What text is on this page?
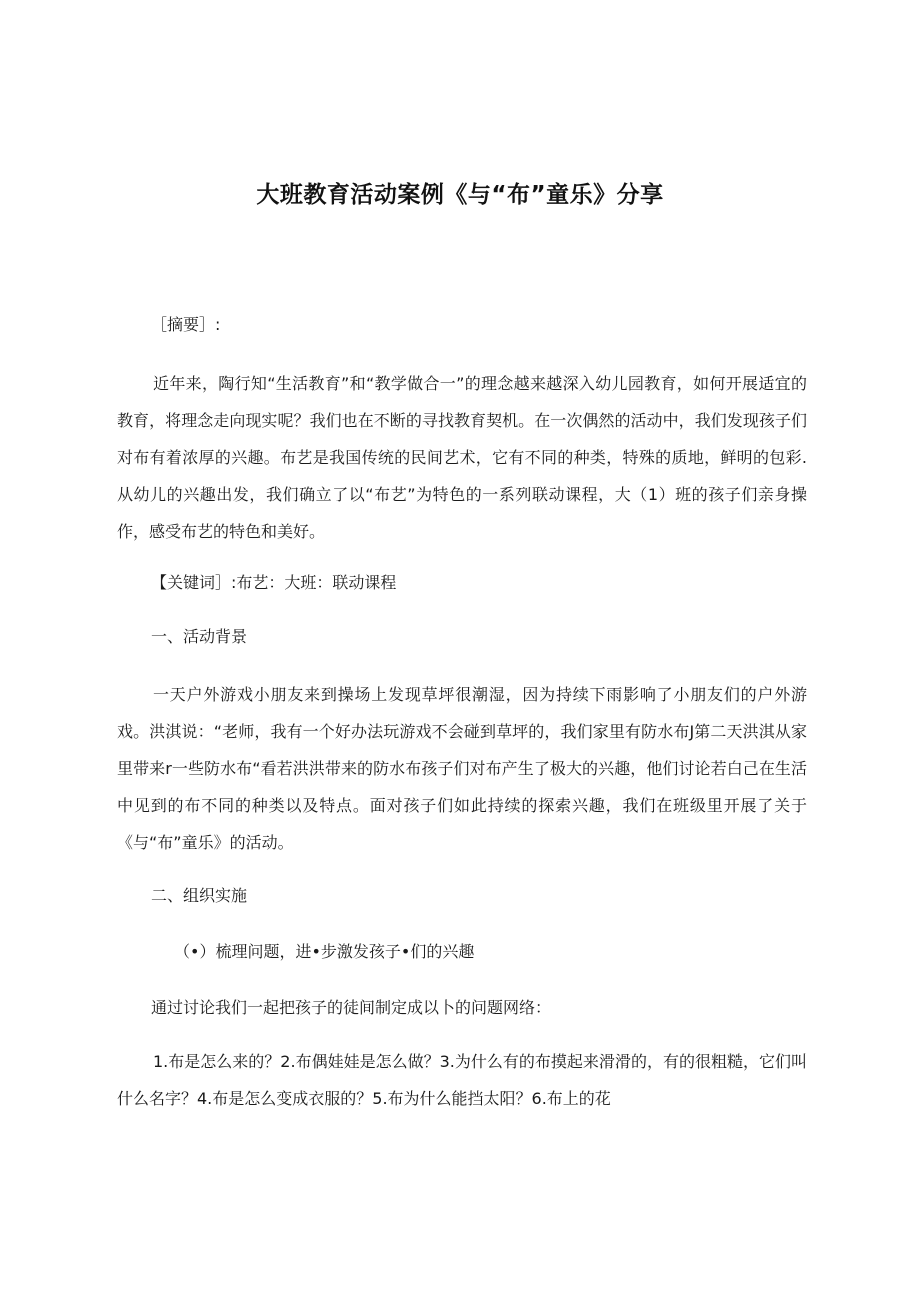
大班教育活动案例《与“布”童乐》分享

［摘要］:

近年来，陶行知“生活教育”和“教学做合一”的理念越来越深入幼儿园教育，如何开展适宜的教育，将理念走向现实呢？我们也在不断的寻找教育契机。在一次偶然的活动中，我们发现孩子们对布有着浓厚的兴趣。布艺是我国传统的民间艺术，它有不同的种类，特殊的质地，鲜明的包彩.从幼儿的兴趣出发，我们确立了以“布艺”为特色的一系列联动课程，大（1）班的孩子们亲身操作，感受布艺的特色和美好。

【关键词］:布艺：大班：联动课程

一、活动背景

一天户外游戏小朋友来到操场上发现草坪很潮湿，因为持续下雨影响了小朋友们的户外游戏。洪淇说：“老师，我有一个好办法玩游戏不会碰到草坪的，我们家里有防水布J第二天洪淇从家里带来r一些防水布“看若洪洪带来的防水布孩子们对布产生了极大的兴趣，他们讨论若白己在生活中见到的布不同的种类以及特点。面对孩子们如此持续的探索兴趣，我们在班级里开展了关于《与“布”童乐》的活动。

二、组织实施

（•）梳理问题，进•步激发孩子•们的兴趣

通过讨论我们一起把孩子的徒间制定成以卜的问题网络：

1.布是怎么来的？2.布偶娃娃是怎么做？3.为什么有的布摸起来滑滑的，有的很粗糙，它们叫什么名字？4.布是怎么变成衣服的？5.布为什么能挡太阳？6.布上的花
